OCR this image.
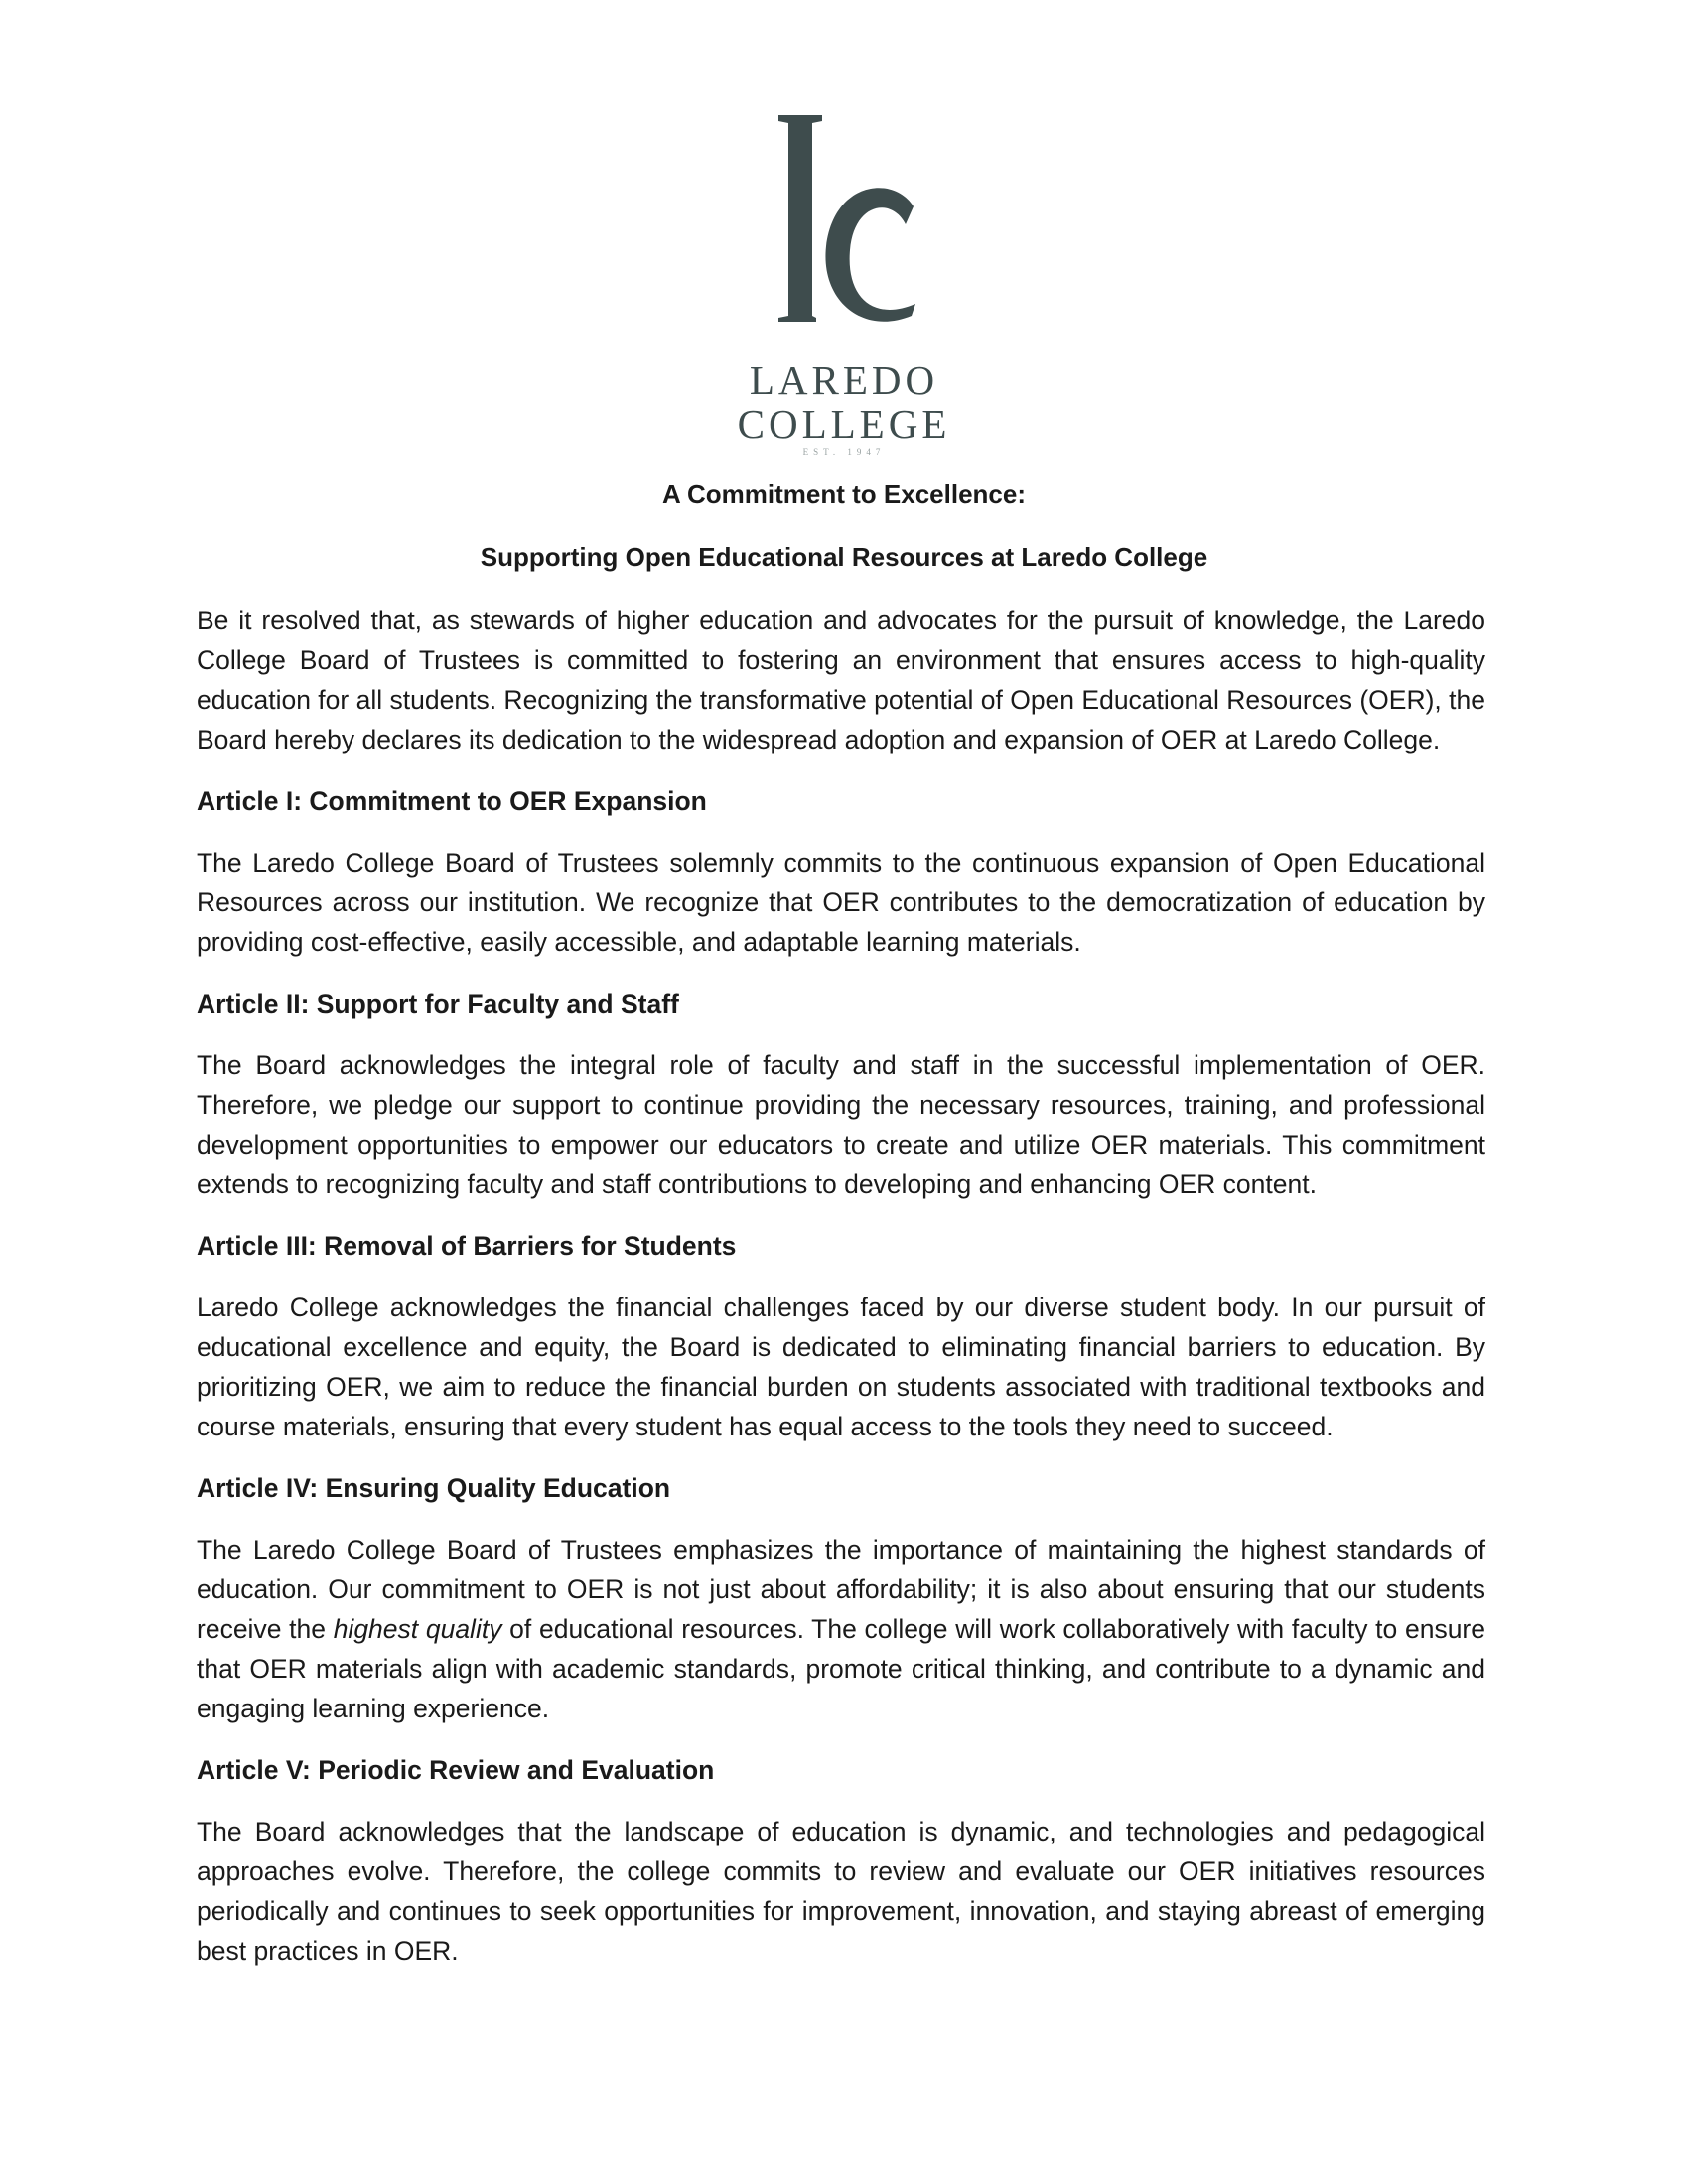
LAREDO
COLLEGE
EST. 1947
A Commitment to Excellence:
Supporting Open Educational Resources at Laredo College

Be it resolved that, as stewards of higher education and advocates for the pursuit of knowledge, the Laredo College Board of Trustees is committed to fostering an environment that ensures access to high-quality education for all students. Recognizing the transformative potential of Open Educational Resources (OER), the Board hereby declares its dedication to the widespread adoption and expansion of OER at Laredo College.

Article I: Commitment to OER Expansion

The Laredo College Board of Trustees solemnly commits to the continuous expansion of Open Educational Resources across our institution. We recognize that OER contributes to the democratization of education by providing cost-effective, easily accessible, and adaptable learning materials.

Article II: Support for Faculty and Staff

The Board acknowledges the integral role of faculty and staff in the successful implementation of OER. Therefore, we pledge our support to continue providing the necessary resources, training, and professional development opportunities to empower our educators to create and utilize OER materials. This commitment extends to recognizing faculty and staff contributions to developing and enhancing OER content.

Article III: Removal of Barriers for Students

Laredo College acknowledges the financial challenges faced by our diverse student body. In our pursuit of educational excellence and equity, the Board is dedicated to eliminating financial barriers to education. By prioritizing OER, we aim to reduce the financial burden on students associated with traditional textbooks and course materials, ensuring that every student has equal access to the tools they need to succeed.

Article IV: Ensuring Quality Education

The Laredo College Board of Trustees emphasizes the importance of maintaining the highest standards of education. Our commitment to OER is not just about affordability; it is also about ensuring that our students receive the highest quality of educational resources. The college will work collaboratively with faculty to ensure that OER materials align with academic standards, promote critical thinking, and contribute to a dynamic and engaging learning experience.

Article V: Periodic Review and Evaluation

The Board acknowledges that the landscape of education is dynamic, and technologies and pedagogical approaches evolve. Therefore, the college commits to review and evaluate our OER initiatives resources periodically and continues to seek opportunities for improvement, innovation, and staying abreast of emerging best practices in OER.
